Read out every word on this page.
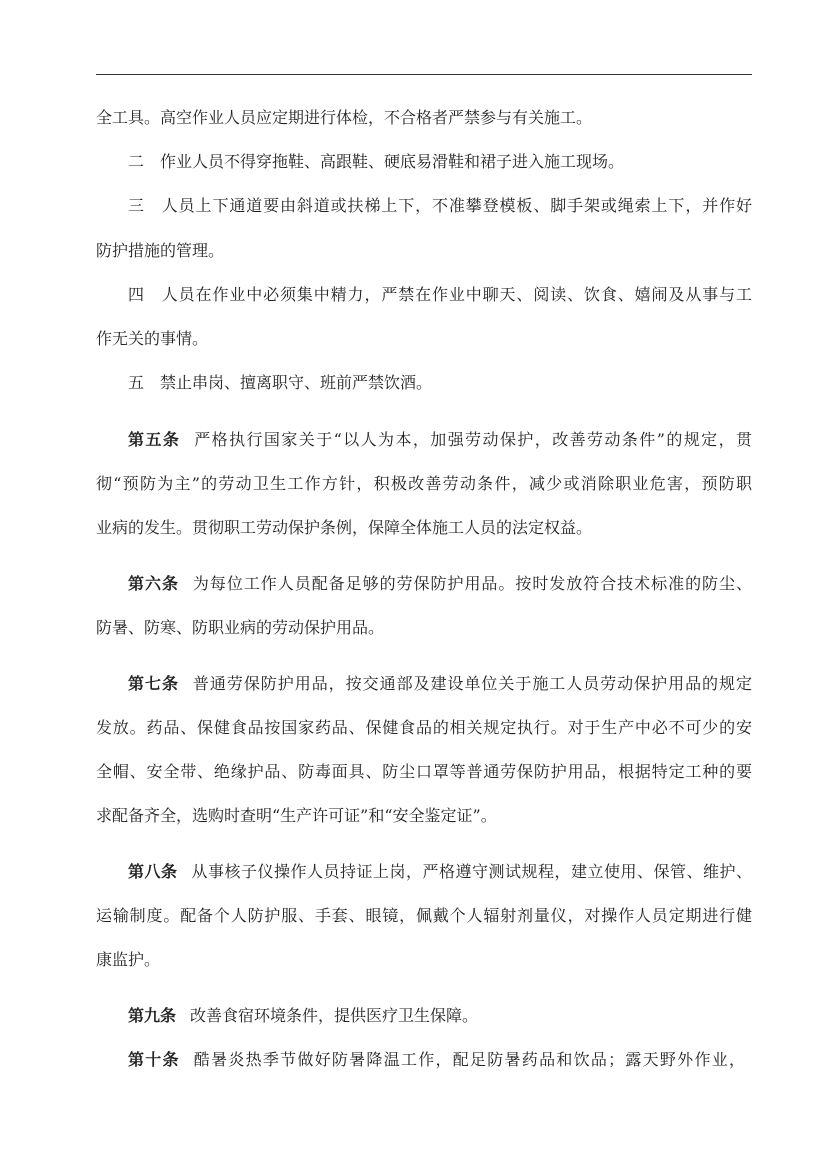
全工具。高空作业人员应定期进行体检，不合格者严禁参与有关施工。
二　作业人员不得穿拖鞋、高跟鞋、硬底易滑鞋和裙子进入施工现场。
三　人员上下通道要由斜道或扶梯上下，不准攀登模板、脚手架或绳索上下，并作好
防护措施的管理。
四　人员在作业中必须集中精力，严禁在作业中聊天、阅读、饮食、嬉闹及从事与工
作无关的事情。
五　禁止串岗、擅离职守、班前严禁饮酒。
第五条 严格执行国家关于“以人为本，加强劳动保护，改善劳动条件”的规定，贯
彻“预防为主”的劳动卫生工作方针，积极改善劳动条件，减少或消除职业危害，预防职
业病的发生。贯彻职工劳动保护条例，保障全体施工人员的法定权益。
第六条 为每位工作人员配备足够的劳保防护用品。按时发放符合技术标准的防尘、
防暑、防寒、防职业病的劳动保护用品。
第七条 普通劳保防护用品，按交通部及建设单位关于施工人员劳动保护用品的规定
发放。药品、保健食品按国家药品、保健食品的相关规定执行。对于生产中必不可少的安
全帽、安全带、绝缘护品、防毒面具、防尘口罩等普通劳保防护用品，根据特定工种的要
求配备齐全，选购时查明“生产许可证”和“安全鉴定证”。
第八条 从事核子仪操作人员持证上岗，严格遵守测试规程，建立使用、保管、维护、
运输制度。配备个人防护服、手套、眼镜，佩戴个人辐射剂量仪，对操作人员定期进行健
康监护。
第九条 改善食宿环境条件，提供医疗卫生保障。
第十条 酷暑炎热季节做好防暑降温工作，配足防暑药品和饮品；露天野外作业，
